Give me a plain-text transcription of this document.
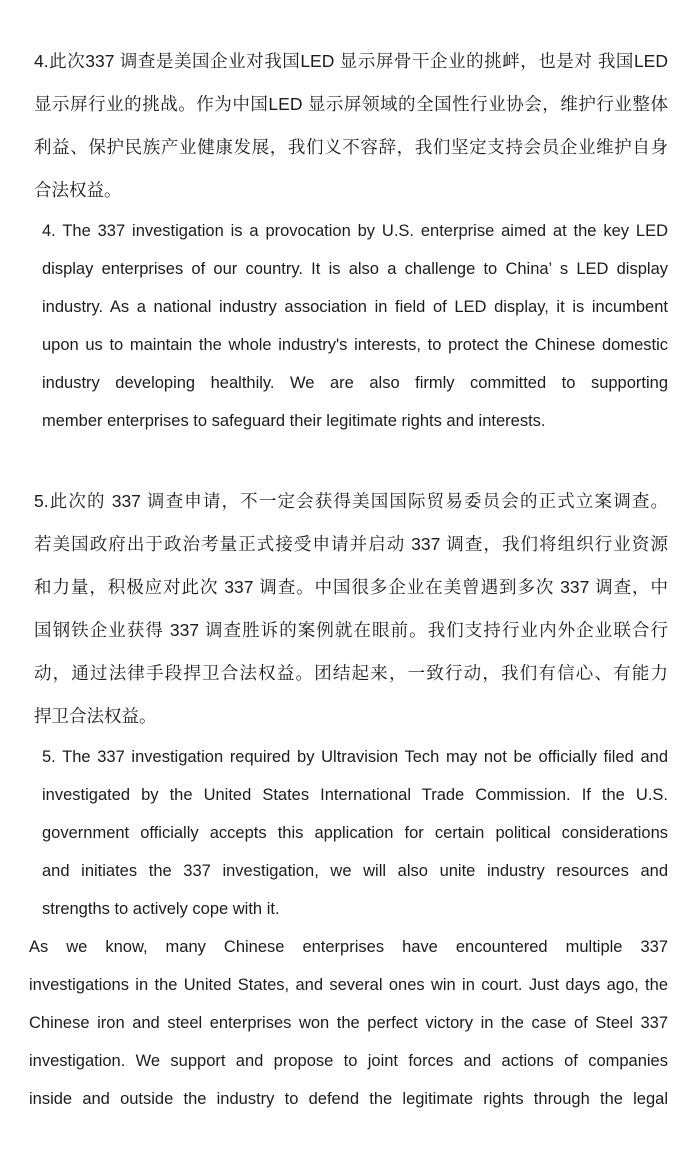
4.此次337 调查是美国企业对我国LED 显示屏骨干企业的挑衅，也是对 我国LED
显示屏行业的挑战。作为中国LED 显示屏领域的全国性行业协会，维护行业整体
利益、保护民族产业健康发展，我们义不容辞，我们坚定支持会员企业维护自身
合法权益。
4. The 337 investigation is a provocation by U.S. enterprise aimed at the key LED
display enterprises of our country. It is also a challenge to China’ s LED display
industry. As a national industry association in field of LED display, it is incumbent
upon us to maintain the whole industry's interests, to protect the Chinese domestic
industry developing healthily. We are also firmly committed to supporting
member enterprises to safeguard their legitimate rights and interests.
5.此次的 337 调查申请，不一定会获得美国国际贸易委员会的正式立案调查。
若美国政府出于政治考量正式接受申请并启动 337 调查，我们将组织行业资源
和力量，积极应对此次 337 调查。中国很多企业在美曾遇到多次 337 调查，中
国钢铁企业获得 337 调查胜诉的案例就在眼前。我们支持行业内外企业联合行
动，通过法律手段捍卫合法权益。团结起来，一致行动，我们有信心、有能力
捍卫合法权益。
5. The 337 investigation required by Ultravision Tech may not be officially filed and
investigated by the United States International Trade Commission. If the U.S.
government officially accepts this application for certain political considerations
and initiates the 337 investigation, we will also unite industry resources and
strengths to actively cope with it.
As we know, many Chinese enterprises have encountered multiple 337
investigations in the United States, and several ones win in court. Just days ago, the
Chinese iron and steel enterprises won the perfect victory in the case of Steel 337
investigation. We support and propose to joint forces and actions of companies
inside and outside the industry to defend the legitimate rights through the legal
